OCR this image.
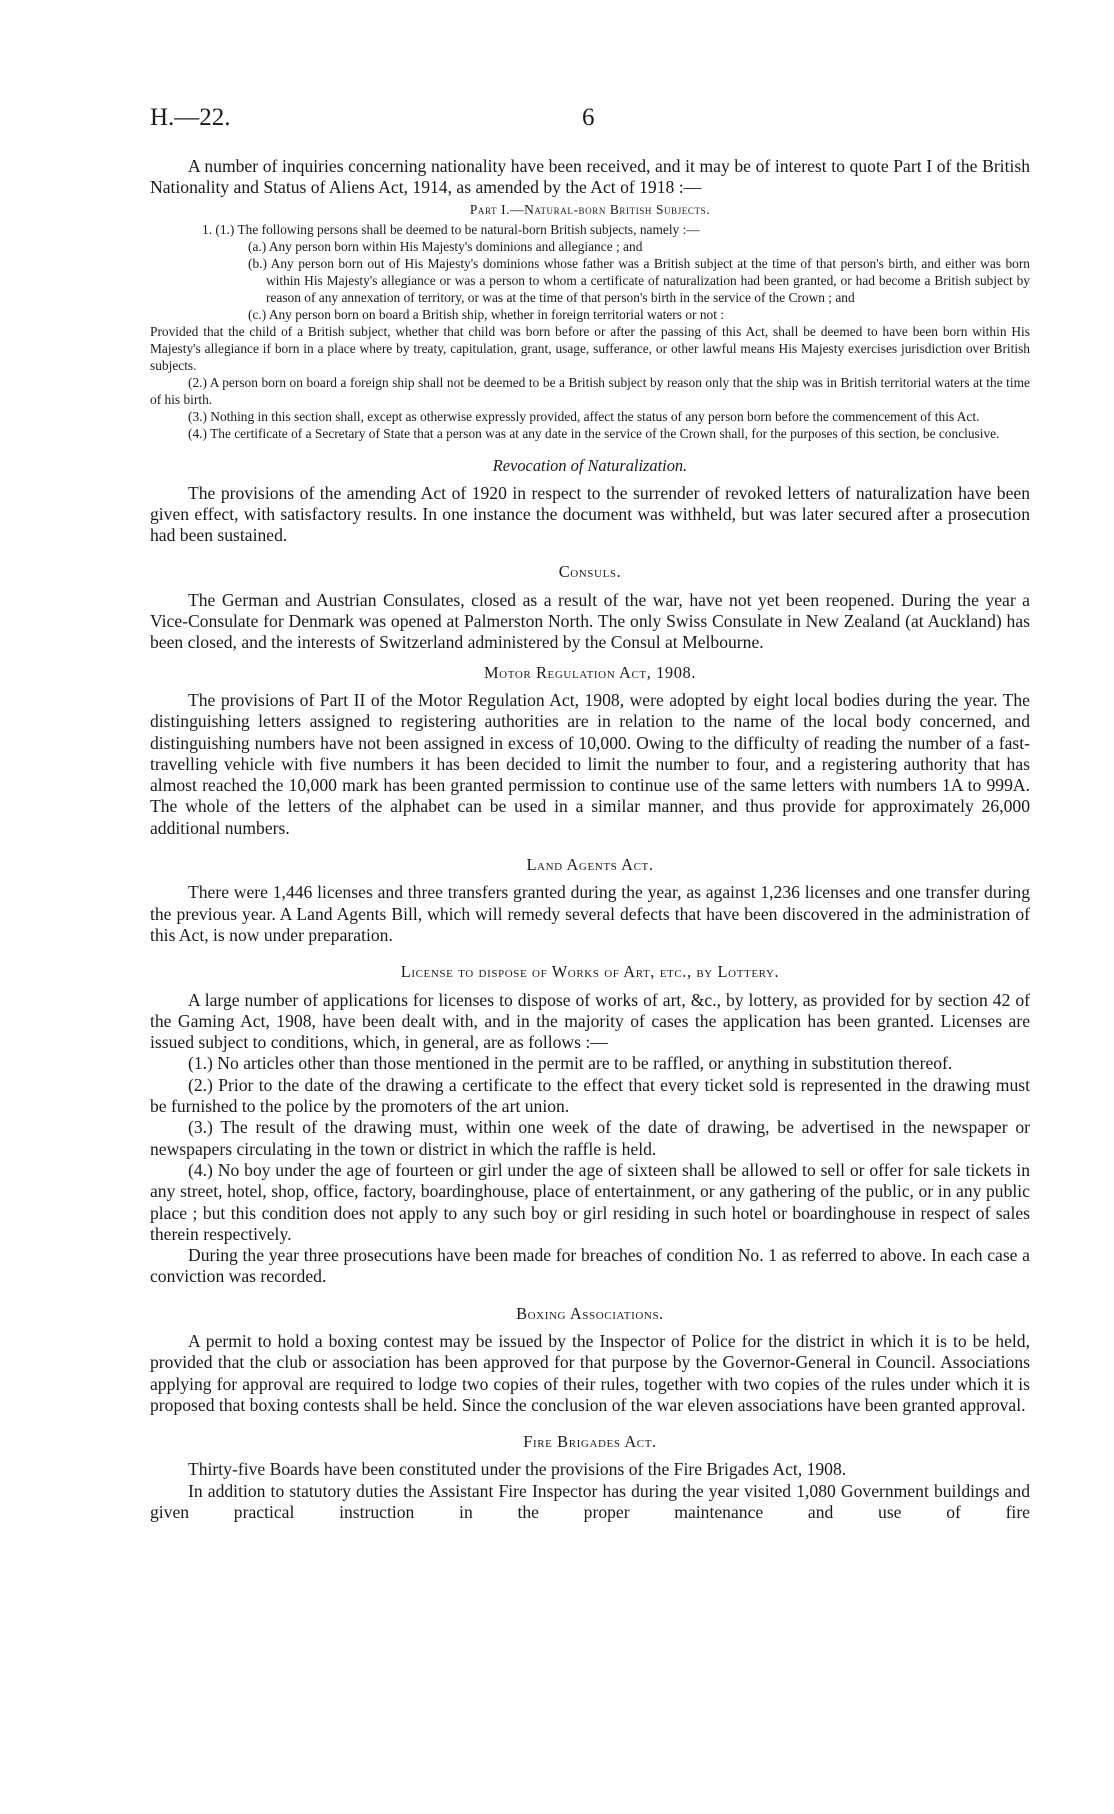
H.—22.	6

A number of inquiries concerning nationality have been received, and it may be of interest to quote Part I of the British Nationality and Status of Aliens Act, 1914, as amended by the Act of 1918 :—

Part I.—Natural-born British Subjects.

1. (1.) The following persons shall be deemed to be natural-born British subjects, namely :—

(a.) Any person born within His Majesty's dominions and allegiance ; and

(b.) Any person born out of His Majesty's dominions whose father was a British subject at the time of that person's birth, and either was born within His Majesty's allegiance or was a person to whom a certificate of naturalization had been granted, or had become a British subject by reason of any annexation of territory, or was at the time of that person's birth in the service of the Crown ; and

(c.) Any person born on board a British ship, whether in foreign territorial waters or not :

Provided that the child of a British subject, whether that child was born before or after the passing of this Act, shall be deemed to have been born within His Majesty's allegiance if born in a place where by treaty, capitulation, grant, usage, sufferance, or other lawful means His Majesty exercises jurisdiction over British subjects.

(2.) A person born on board a foreign ship shall not be deemed to be a British subject by reason only that the ship was in British territorial waters at the time of his birth.

(3.) Nothing in this section shall, except as otherwise expressly provided, affect the status of any person born before the commencement of this Act.

(4.) The certificate of a Secretary of State that a person was at any date in the service of the Crown shall, for the purposes of this section, be conclusive.

Revocation of Naturalization.

The provisions of the amending Act of 1920 in respect to the surrender of revoked letters of naturalization have been given effect, with satisfactory results. In one instance the document was withheld, but was later secured after a prosecution had been sustained.

Consuls.

The German and Austrian Consulates, closed as a result of the war, have not yet been reopened. During the year a Vice-Consulate for Denmark was opened at Palmerston North. The only Swiss Consulate in New Zealand (at Auckland) has been closed, and the interests of Switzerland administered by the Consul at Melbourne.

Motor Regulation Act, 1908.

The provisions of Part II of the Motor Regulation Act, 1908, were adopted by eight local bodies during the year. The distinguishing letters assigned to registering authorities are in relation to the name of the local body concerned, and distinguishing numbers have not been assigned in excess of 10,000. Owing to the difficulty of reading the number of a fast-travelling vehicle with five numbers it has been decided to limit the number to four, and a registering authority that has almost reached the 10,000 mark has been granted permission to continue use of the same letters with numbers 1A to 999A. The whole of the letters of the alphabet can be used in a similar manner, and thus provide for approximately 26,000 additional numbers.

Land Agents Act.

There were 1,446 licenses and three transfers granted during the year, as against 1,236 licenses and one transfer during the previous year. A Land Agents Bill, which will remedy several defects that have been discovered in the administration of this Act, is now under preparation.

License to dispose of Works of Art, etc., by Lottery.

A large number of applications for licenses to dispose of works of art, &c., by lottery, as provided for by section 42 of the Gaming Act, 1908, have been dealt with, and in the majority of cases the application has been granted. Licenses are issued subject to conditions, which, in general, are as follows :—

(1.) No articles other than those mentioned in the permit are to be raffled, or anything in substitution thereof.

(2.) Prior to the date of the drawing a certificate to the effect that every ticket sold is represented in the drawing must be furnished to the police by the promoters of the art union.

(3.) The result of the drawing must, within one week of the date of drawing, be advertised in the newspaper or newspapers circulating in the town or district in which the raffle is held.

(4.) No boy under the age of fourteen or girl under the age of sixteen shall be allowed to sell or offer for sale tickets in any street, hotel, shop, office, factory, boardinghouse, place of entertainment, or any gathering of the public, or in any public place ; but this condition does not apply to any such boy or girl residing in such hotel or boardinghouse in respect of sales therein respectively.

During the year three prosecutions have been made for breaches of condition No. 1 as referred to above. In each case a conviction was recorded.

Boxing Associations.

A permit to hold a boxing contest may be issued by the Inspector of Police for the district in which it is to be held, provided that the club or association has been approved for that purpose by the Governor-General in Council. Associations applying for approval are required to lodge two copies of their rules, together with two copies of the rules under which it is proposed that boxing contests shall be held. Since the conclusion of the war eleven associations have been granted approval.

Fire Brigades Act.

Thirty-five Boards have been constituted under the provisions of the Fire Brigades Act, 1908.

In addition to statutory duties the Assistant Fire Inspector has during the year visited 1,080 Government buildings and given practical instruction in the proper maintenance and use of fire
